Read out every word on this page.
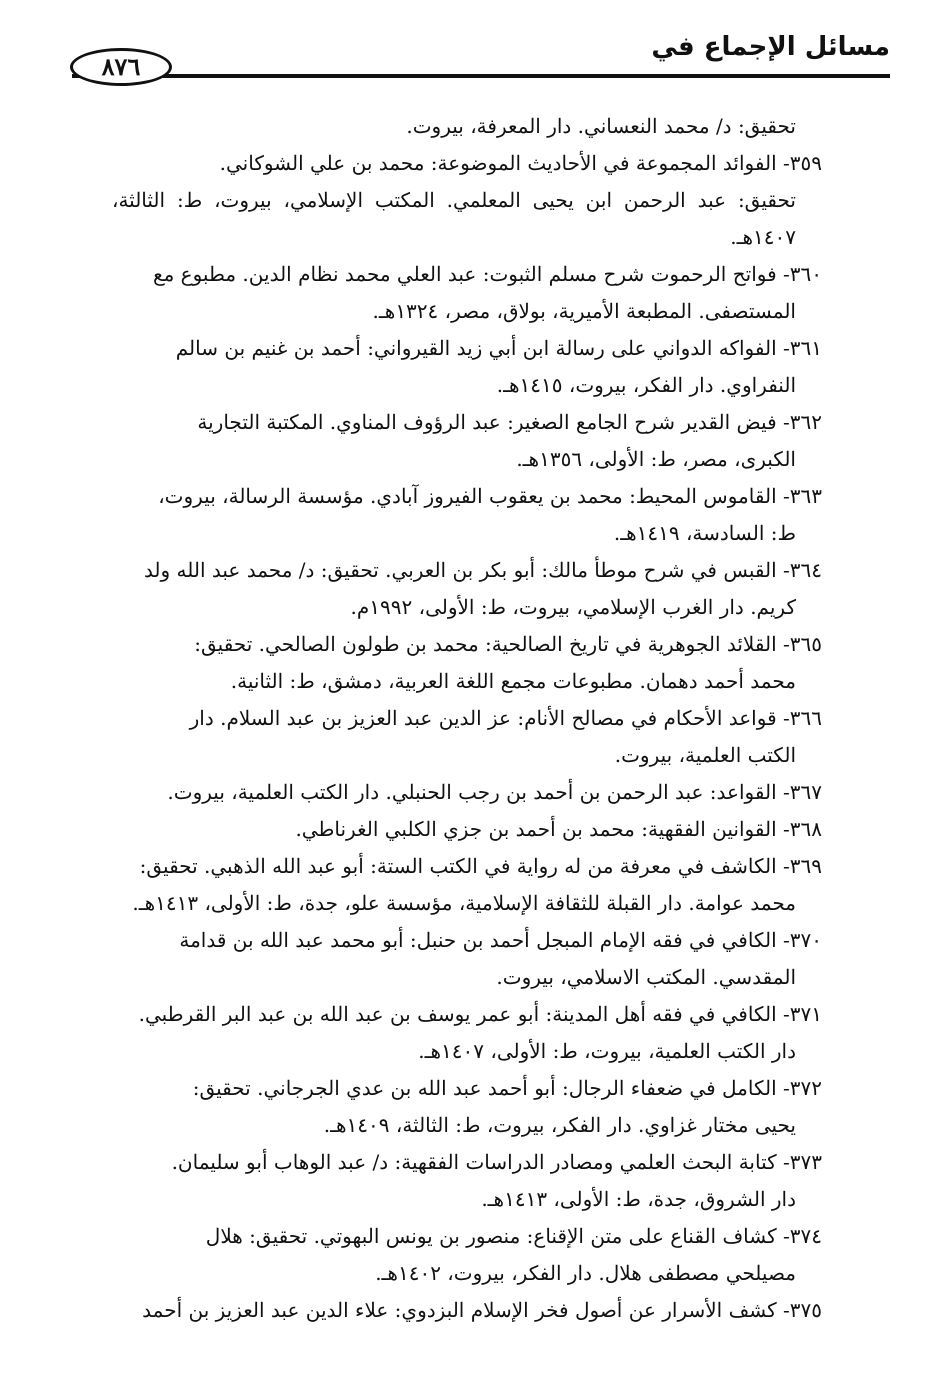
مسائل الإجماع في
٨٧٦
تحقيق: د/ محمد النعساني. دار المعرفة، بيروت.
٣٥٩- الفوائد المجموعة في الأحاديث الموضوعة: محمد بن علي الشوكاني.
تحقيق: عبد الرحمن ابن يحيى المعلمي. المكتب الإسلامي، بيروت، ط: الثالثة، ١٤٠٧هـ.
٣٦٠- فواتح الرحموت شرح مسلم الثبوت: عبد العلي محمد نظام الدين. مطبوع مع
المستصفى. المطبعة الأميرية، بولاق، مصر، ١٣٢٤هـ.
٣٦١- الفواكه الدواني على رسالة ابن أبي زيد القيرواني: أحمد بن غنيم بن سالم
النفراوي. دار الفكر، بيروت، ١٤١٥هـ.
٣٦٢- فيض القدير شرح الجامع الصغير: عبد الرؤوف المناوي. المكتبة التجارية
الكبرى، مصر، ط: الأولى، ١٣٥٦هـ.
٣٦٣- القاموس المحيط: محمد بن يعقوب الفيروز آبادي. مؤسسة الرسالة، بيروت،
ط: السادسة، ١٤١٩هـ.
٣٦٤- القبس في شرح موطأ مالك: أبو بكر بن العربي. تحقيق: د/ محمد عبد الله ولد
كريم. دار الغرب الإسلامي، بيروت، ط: الأولى، ١٩٩٢م.
٣٦٥- القلائد الجوهرية في تاريخ الصالحية: محمد بن طولون الصالحي. تحقيق:
محمد أحمد دهمان. مطبوعات مجمع اللغة العربية، دمشق، ط: الثانية.
٣٦٦- قواعد الأحكام في مصالح الأنام: عز الدين عبد العزيز بن عبد السلام. دار
الكتب العلمية، بيروت.
٣٦٧- القواعد: عبد الرحمن بن أحمد بن رجب الحنبلي. دار الكتب العلمية، بيروت.
٣٦٨- القوانين الفقهية: محمد بن أحمد بن جزي الكلبي الغرناطي.
٣٦٩- الكاشف في معرفة من له رواية في الكتب الستة: أبو عبد الله الذهبي. تحقيق:
محمد عوامة. دار القبلة للثقافة الإسلامية، مؤسسة علو، جدة، ط: الأولى، ١٤١٣هـ.
٣٧٠- الكافي في فقه الإمام المبجل أحمد بن حنبل: أبو محمد عبد الله بن قدامة
المقدسي. المكتب الاسلامي، بيروت.
٣٧١- الكافي في فقه أهل المدينة: أبو عمر يوسف بن عبد الله بن عبد البر القرطبي.
دار الكتب العلمية، بيروت، ط: الأولى، ١٤٠٧هـ.
٣٧٢- الكامل في ضعفاء الرجال: أبو أحمد عبد الله بن عدي الجرجاني. تحقيق:
يحيى مختار غزاوي. دار الفكر، بيروت، ط: الثالثة، ١٤٠٩هـ.
٣٧٣- كتابة البحث العلمي ومصادر الدراسات الفقهية: د/ عبد الوهاب أبو سليمان.
دار الشروق، جدة، ط: الأولى، ١٤١٣هـ.
٣٧٤- كشاف القناع على متن الإقناع: منصور بن يونس البهوتي. تحقيق: هلال
مصيلحي مصطفى هلال. دار الفكر، بيروت، ١٤٠٢هـ.
٣٧٥- كشف الأسرار عن أصول فخر الإسلام البزدوي: علاء الدين عبد العزيز بن أحمد
